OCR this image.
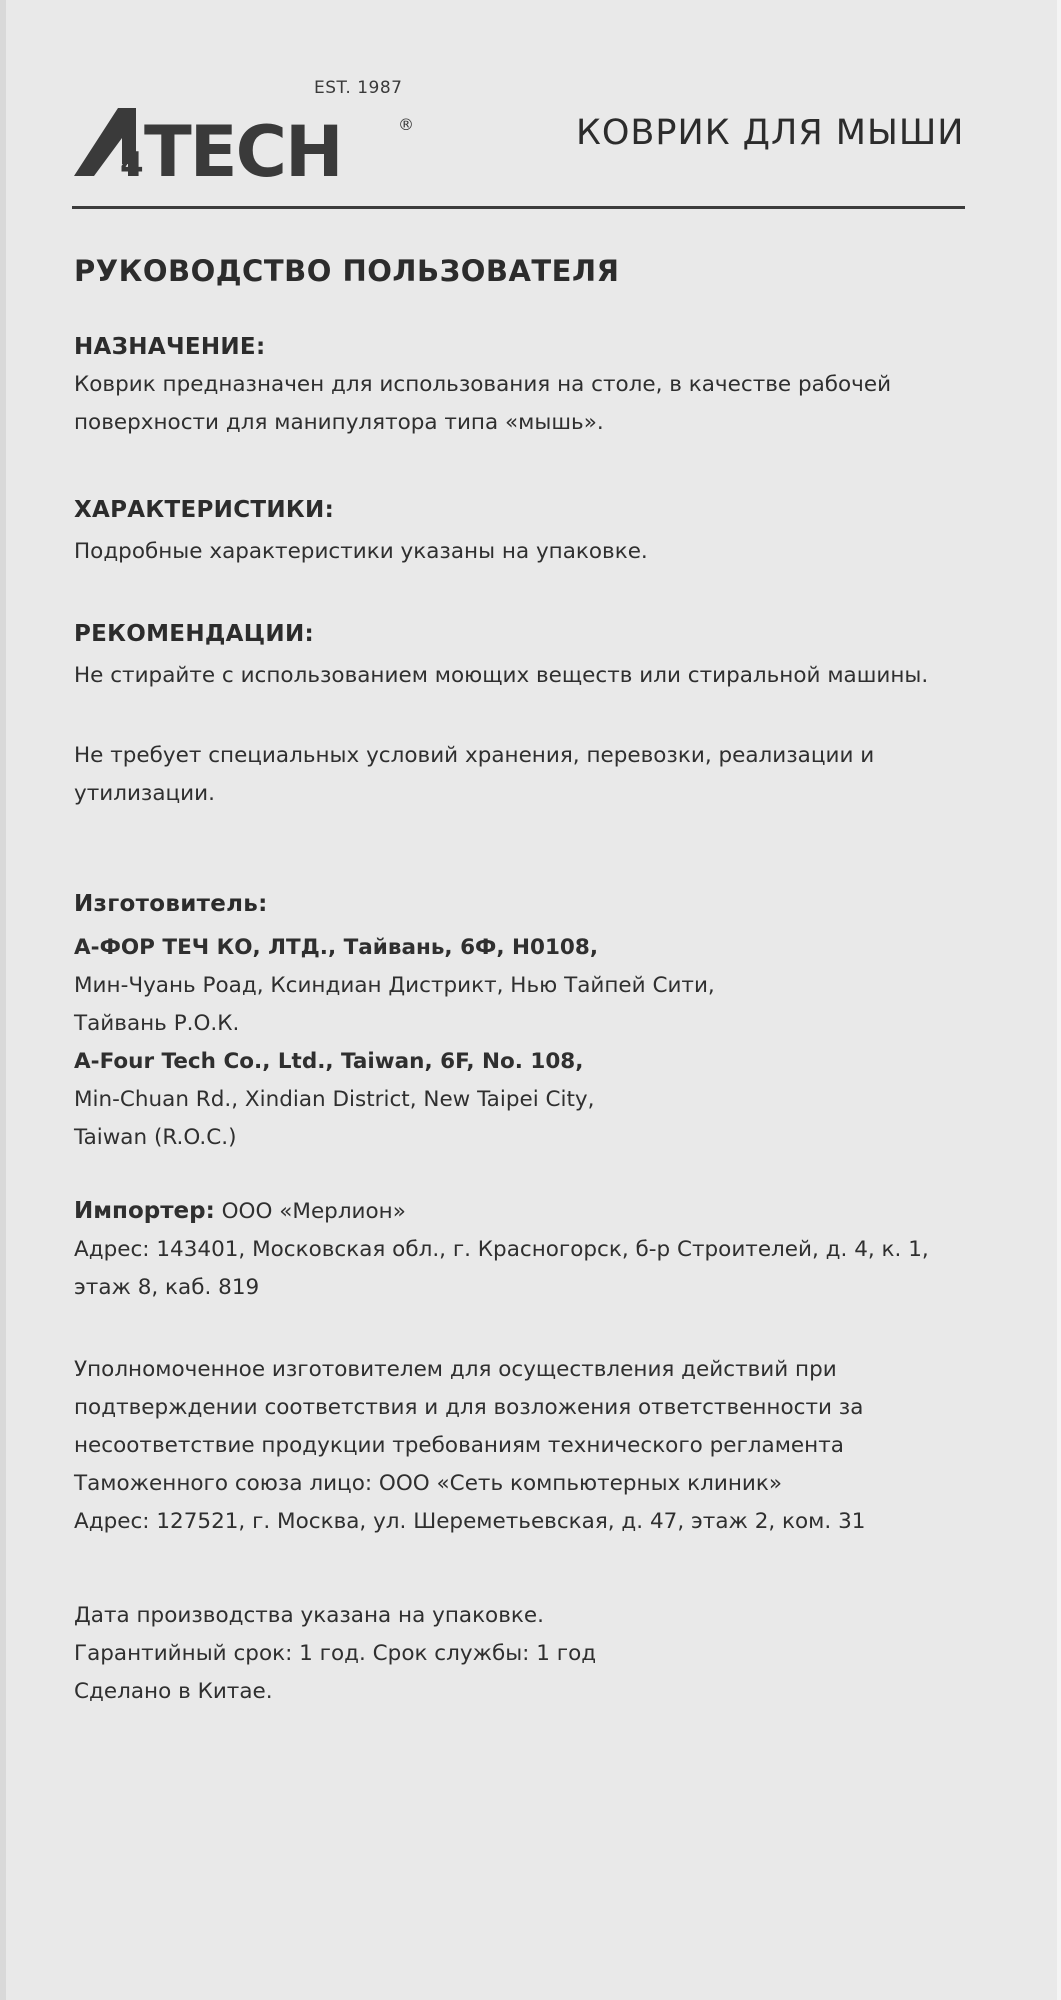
EST. 1987
4 TECH	®	КОВРИК ДЛЯ МЫШИ
РУКОВОДСТВО ПОЛЬЗОВАТЕЛЯ
НАЗНАЧЕНИЕ:
Коврик предназначен для использования на столе, в качестве рабочей
поверхности для манипулятора типа «мышь».
ХАРАКТЕРИСТИКИ:
Подробные характеристики указаны на упаковке.
РЕКОМЕНДАЦИИ:
Не стирайте с использованием моющих веществ или стиральной машины.
Не требует специальных условий хранения, перевозки, реализации и
утилизации.
Изготовитель:
А-ФОР ТЕЧ КО, ЛТД., Тайвань, 6Ф, Н0108,
Мин-Чуань Роад, Ксиндиан Дистрикт, Нью Тайпей Сити,
Тайвань Р.О.К.
A-Four Tech Co., Ltd., Taiwan, 6F, No. 108,
Min-Chuan Rd., Xindian District, New Taipei City,
Taiwan (R.O.C.)
Импортер: ООО «Мерлион»
Адрес: 143401, Московская обл., г. Красногорск, б-р Строителей, д. 4, к. 1,
этаж 8, каб. 819
Уполномоченное изготовителем для осуществления действий при
подтверждении соответствия и для возложения ответственности за
несоответствие продукции требованиям технического регламента
Таможенного союза лицо: ООО «Сеть компьютерных клиник»
Адрес: 127521, г. Москва, ул. Шереметьевская, д. 47, этаж 2, ком. 31
Дата производства указана на упаковке.
Гарантийный срок: 1 год. Срок службы: 1 год
Сделано в Китае.
